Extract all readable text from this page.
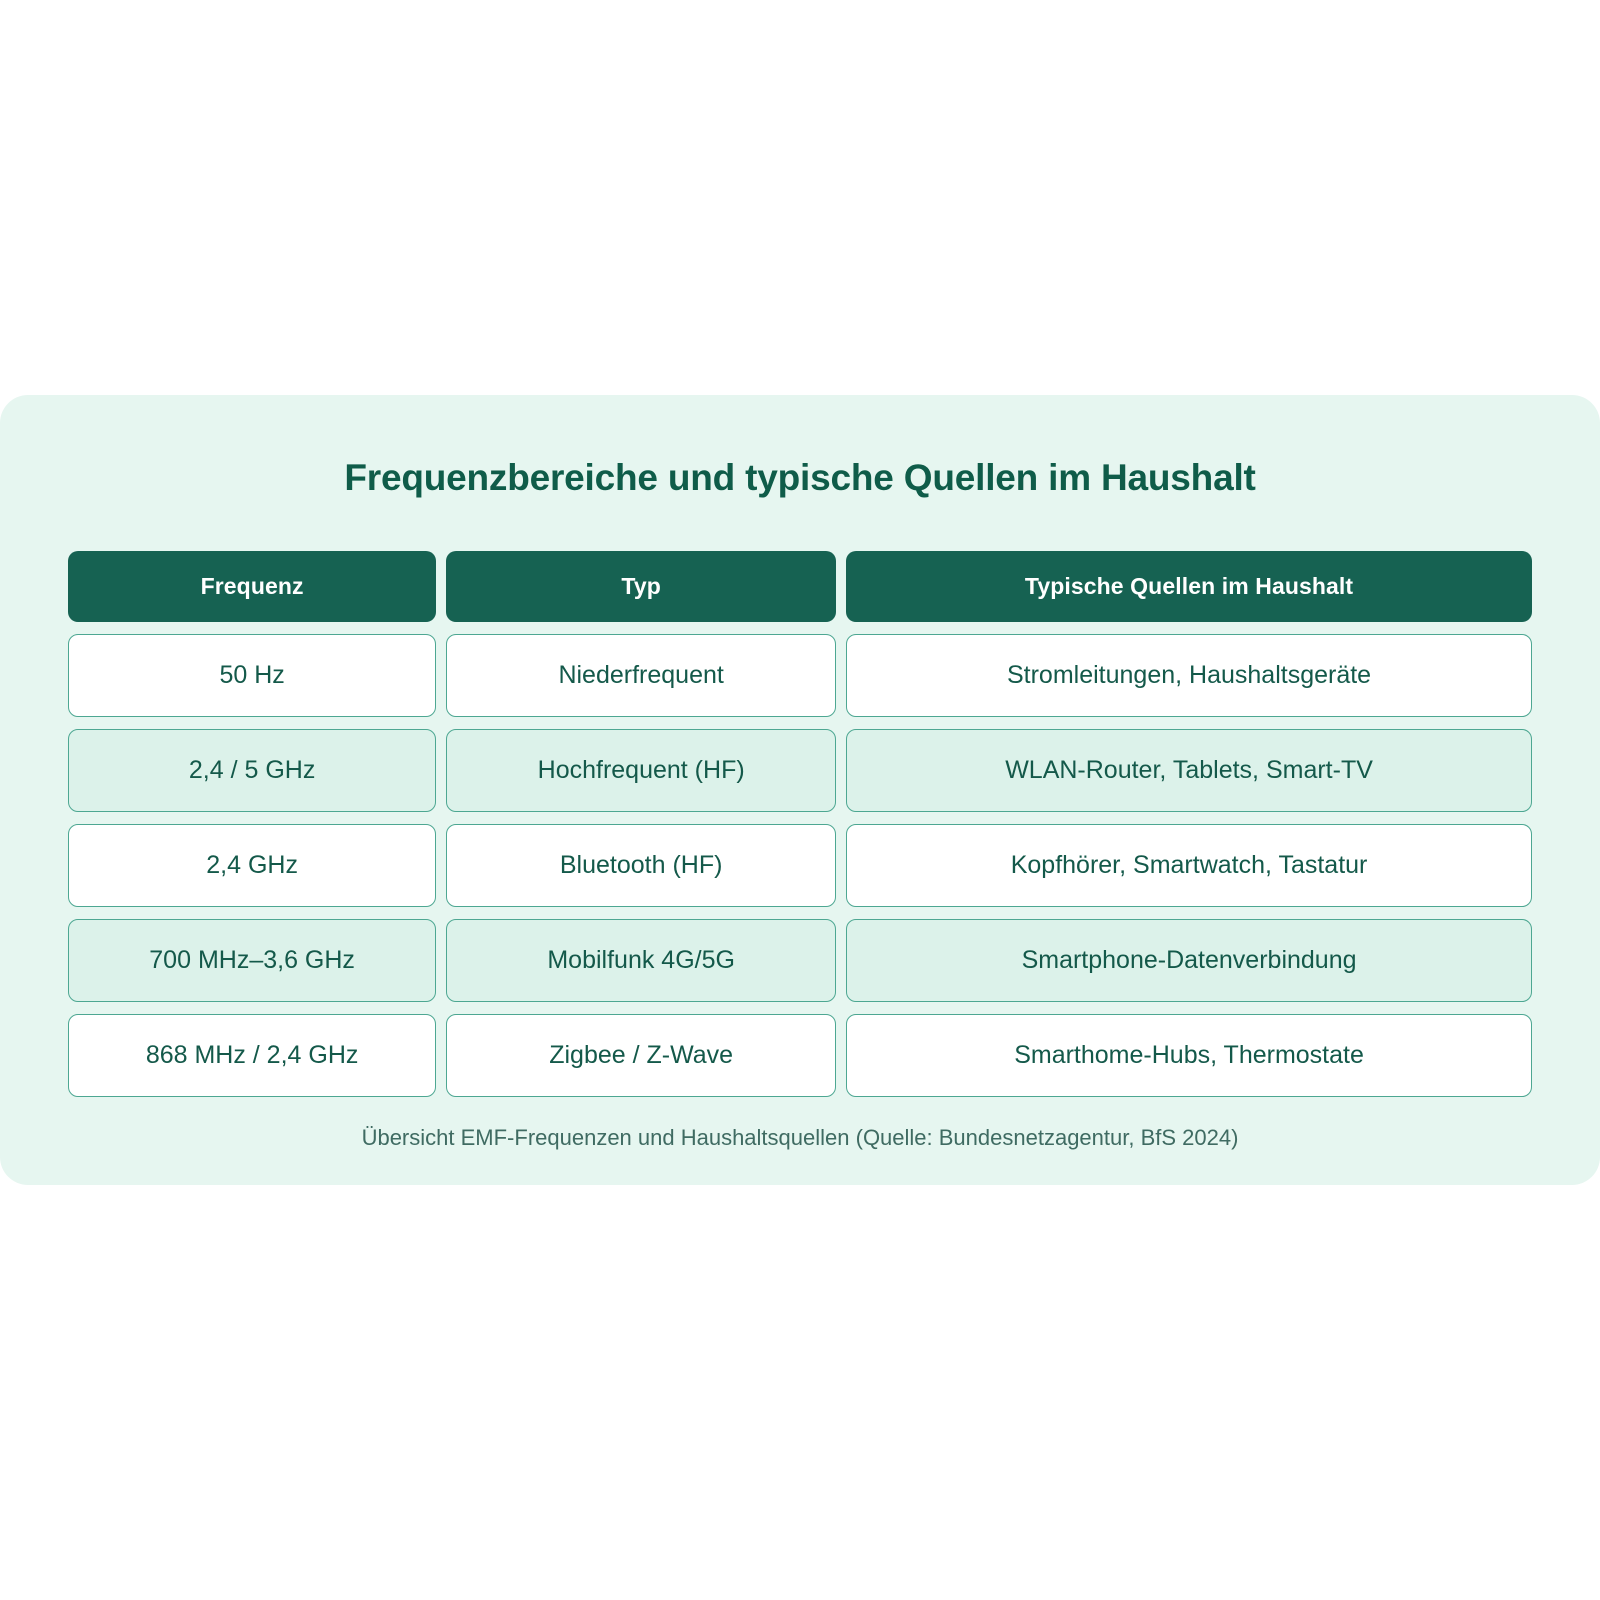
Frequenzbereiche und typische Quellen im Haushalt
Frequenz	Typ	Typische Quellen im Haushalt
50 Hz	Niederfrequent	Stromleitungen, Haushaltsgeräte
2,4 / 5 GHz	Hochfrequent (HF)	WLAN-Router, Tablets, Smart-TV
2,4 GHz	Bluetooth (HF)	Kopfhörer, Smartwatch, Tastatur
700 MHz–3,6 GHz	Mobilfunk 4G/5G	Smartphone-Datenverbindung
868 MHz / 2,4 GHz	Zigbee / Z-Wave	Smarthome-Hubs, Thermostate
Übersicht EMF-Frequenzen und Haushaltsquellen (Quelle: Bundesnetzagentur, BfS 2024)
